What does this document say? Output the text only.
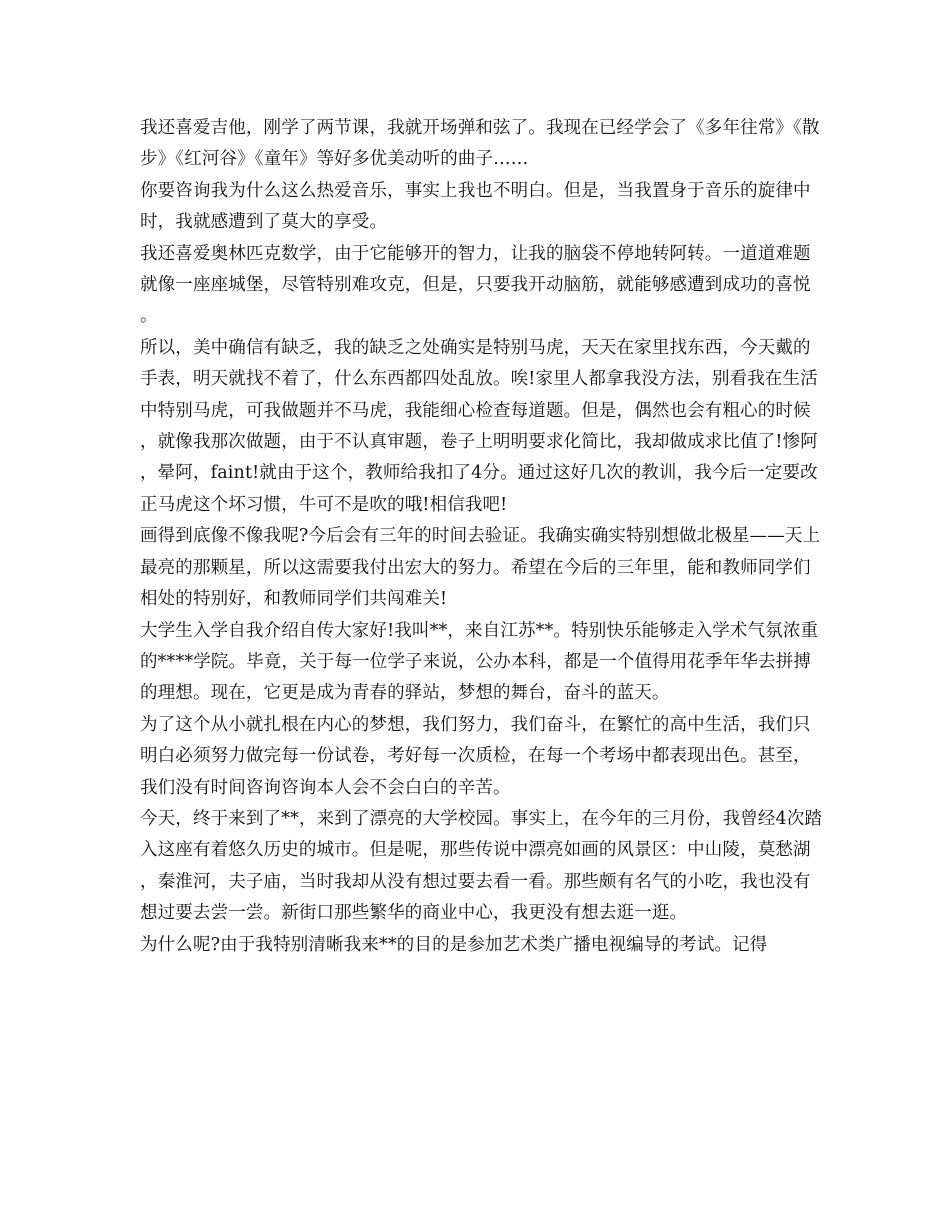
我还喜爱吉他，刚学了两节课，我就开场弹和弦了。我现在已经学会了《多年往常》《散步》《红河谷》《童年》等好多优美动听的曲子……

你要咨询我为什么这么热爱音乐，事实上我也不明白。但是，当我置身于音乐的旋律中时，我就感遭到了莫大的享受。

我还喜爱奥林匹克数学，由于它能够开的智力，让我的脑袋不停地转阿转。一道道难题就像一座座城堡，尽管特别难攻克，但是，只要我开动脑筋，就能够感遭到成功的喜悦。

所以，美中确信有缺乏，我的缺乏之处确实是特别马虎，天天在家里找东西，今天戴的手表，明天就找不着了，什么东西都四处乱放。唉!家里人都拿我没方法，别看我在生活中特别马虎，可我做题并不马虎，我能细心检查每道题。但是，偶然也会有粗心的时候，就像我那次做题，由于不认真审题，卷子上明明要求化简比，我却做成求比值了!惨阿，晕阿，faint!就由于这个，教师给我扣了4分。通过这好几次的教训，我今后一定要改正马虎这个坏习惯，牛可不是吹的哦!相信我吧!

画得到底像不像我呢?今后会有三年的时间去验证。我确实确实特别想做北极星——天上最亮的那颗星，所以这需要我付出宏大的努力。希望在今后的三年里，能和教师同学们相处的特别好，和教师同学们共闯难关!

大学生入学自我介绍自传大家好!我叫**，来自江苏**。特别快乐能够走入学术气氛浓重的****学院。毕竟，关于每一位学子来说，公办本科，都是一个值得用花季年华去拼搏的理想。现在，它更是成为青春的驿站，梦想的舞台，奋斗的蓝天。

为了这个从小就扎根在内心的梦想，我们努力，我们奋斗，在繁忙的高中生活，我们只明白必须努力做完每一份试卷，考好每一次质检，在每一个考场中都表现出色。甚至，我们没有时间咨询咨询本人会不会白白的辛苦。

今天，终于来到了**，来到了漂亮的大学校园。事实上，在今年的三月份，我曾经4次踏入这座有着悠久历史的城市。但是呢，那些传说中漂亮如画的风景区：中山陵，莫愁湖，秦淮河，夫子庙，当时我却从没有想过要去看一看。那些颇有名气的小吃，我也没有想过要去尝一尝。新街口那些繁华的商业中心，我更没有想去逛一逛。

为什么呢?由于我特别清晰我来**的目的是参加艺术类广播电视编导的考试。记得
